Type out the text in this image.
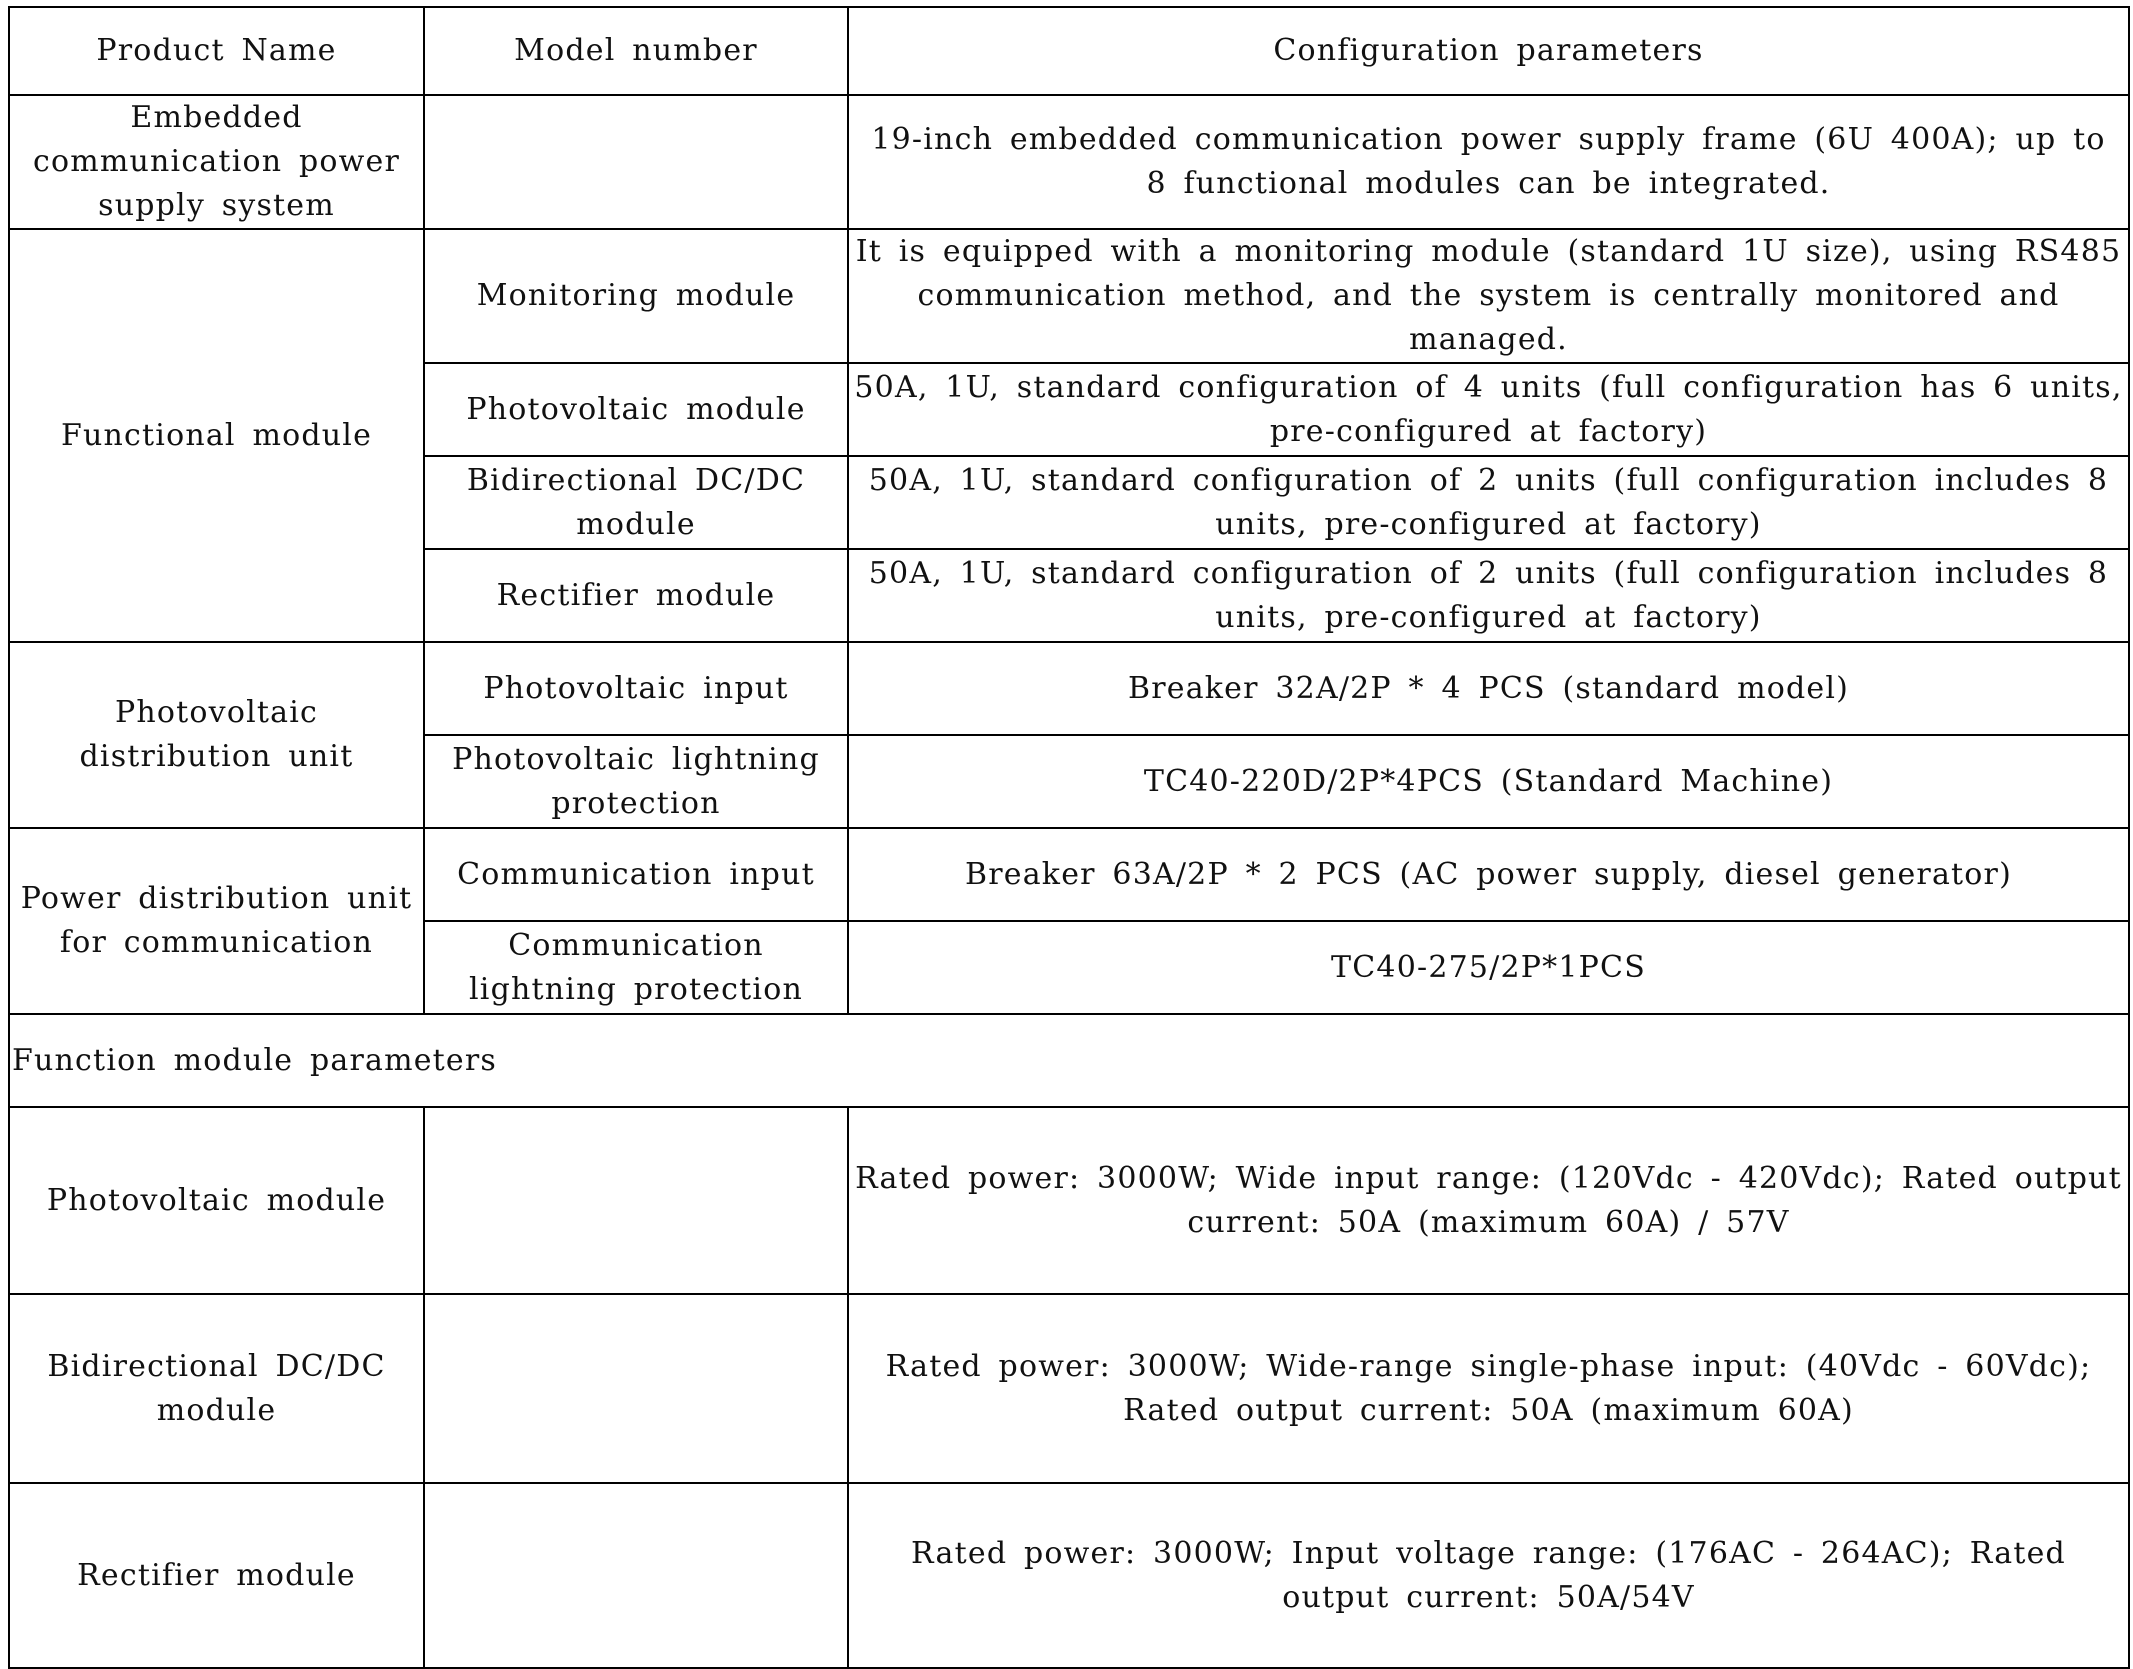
Product Name	Model number	Configuration parameters
Embedded communication power supply system		19-inch embedded communication power supply frame (6U 400A); up to 8 functional modules can be integrated.
Functional module	Monitoring module	It is equipped with a monitoring module (standard 1U size), using RS485 communication method, and the system is centrally monitored and managed.
	Photovoltaic module	50A, 1U, standard configuration of 4 units (full configuration has 6 units, pre-configured at factory)
	Bidirectional DC/DC module	50A, 1U, standard configuration of 2 units (full configuration includes 8 units, pre-configured at factory)
	Rectifier module	50A, 1U, standard configuration of 2 units (full configuration includes 8 units, pre-configured at factory)
Photovoltaic distribution unit	Photovoltaic input	Breaker 32A/2P * 4 PCS (standard model)
	Photovoltaic lightning protection	TC40-220D/2P*4PCS (Standard Machine)
Power distribution unit for communication	Communication input	Breaker 63A/2P * 2 PCS (AC power supply, diesel generator)
	Communication lightning protection	TC40-275/2P*1PCS
Function module parameters		
Photovoltaic module		Rated power: 3000W; Wide input range: (120Vdc - 420Vdc); Rated output current: 50A (maximum 60A) / 57V
Bidirectional DC/DC module		Rated power: 3000W; Wide-range single-phase input: (40Vdc - 60Vdc); Rated output current: 50A (maximum 60A)
Rectifier module		Rated power: 3000W; Input voltage range: (176AC - 264AC); Rated output current: 50A/54V
